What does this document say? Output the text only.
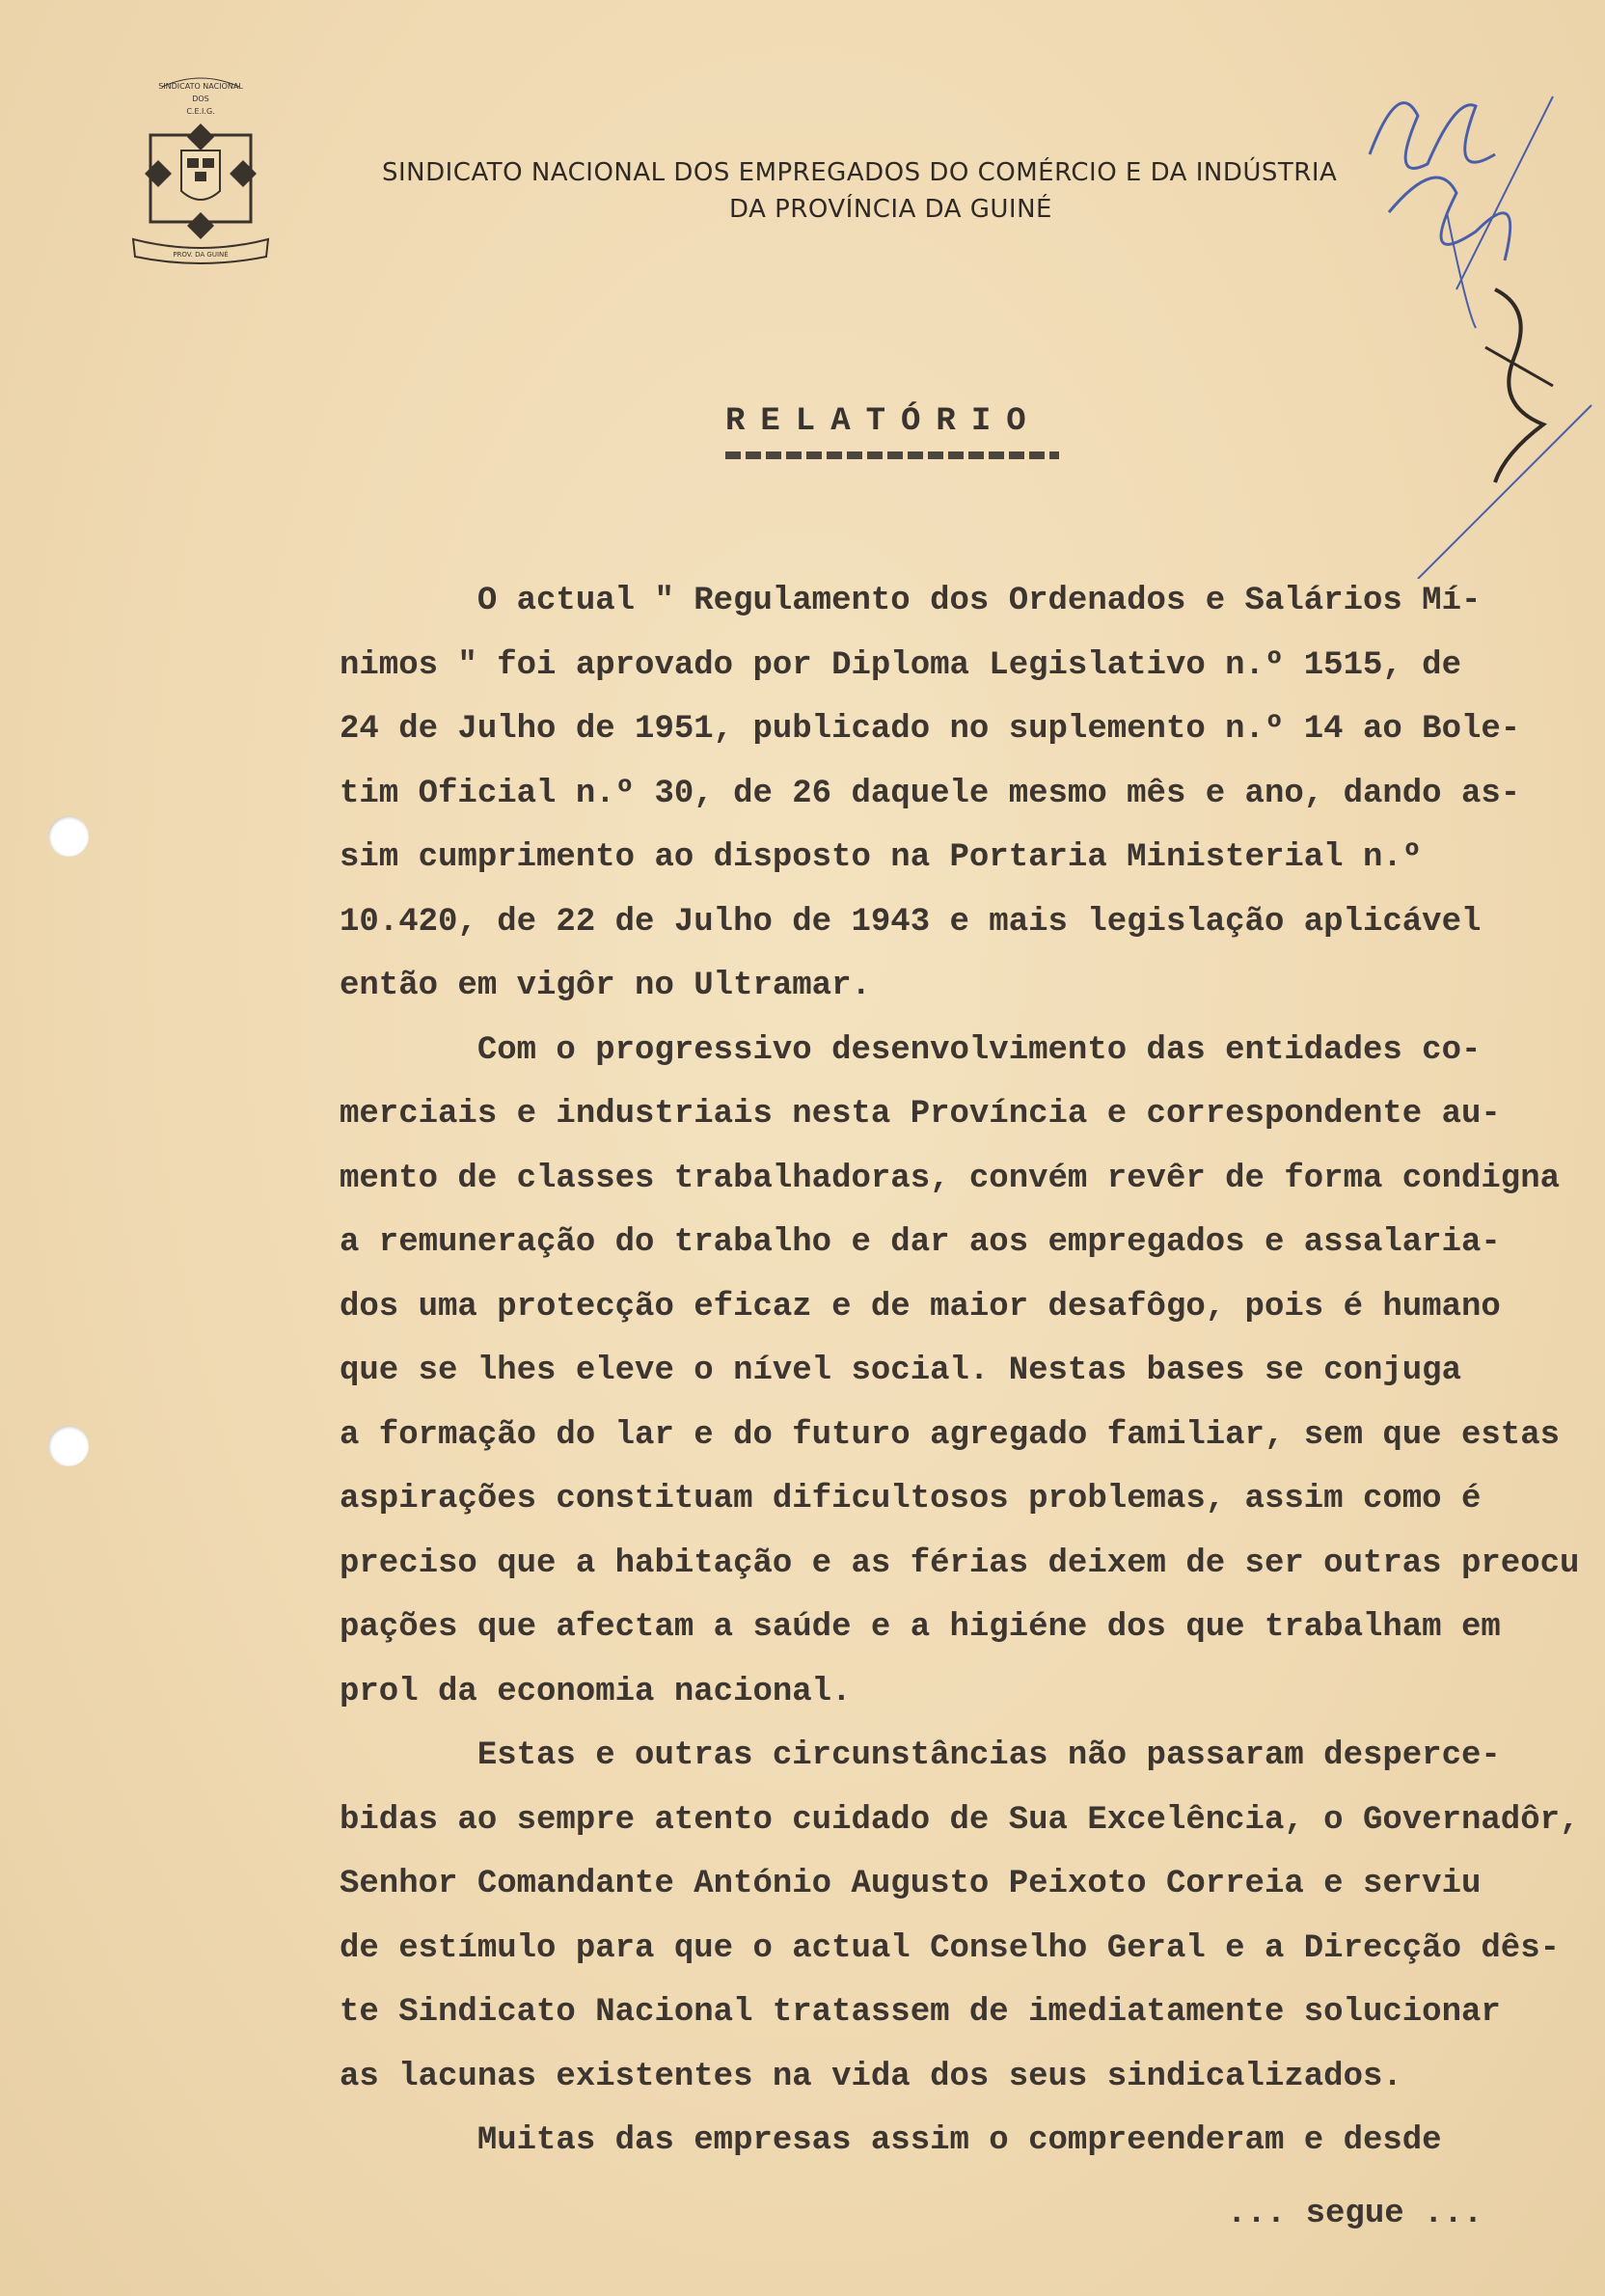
SINDICATO NACIONAL
DOS
C.E.I.G.
PROV. DA GUINÉ
SINDICATO NACIONAL DOS EMPREGADOS DO COMÉRCIO E DA INDÚSTRIA
DA PROVÍNCIA DA GUINÉ
RELATÓRIO
O actual " Regulamento dos Ordenados e Salários Mí-
nimos " foi aprovado por Diploma Legislativo n.º 1515, de
24 de Julho de 1951, publicado no suplemento n.º 14 ao Bole-
tim Oficial n.º 30, de 26 daquele mesmo mês e ano, dando as-
sim cumprimento ao disposto na Portaria Ministerial n.º
10.420, de 22 de Julho de 1943 e mais legislação aplicável
então em vigôr no Ultramar.
Com o progressivo desenvolvimento das entidades co-
merciais e industriais nesta Província e correspondente au-
mento de classes trabalhadoras, convém revêr de forma condigna
a remuneração do trabalho e dar aos empregados e assalaria-
dos uma protecção eficaz e de maior desafôgo, pois é humano
que se lhes eleve o nível social. Nestas bases se conjuga
a formação do lar e do futuro agregado familiar, sem que estas
aspirações constituam dificultosos problemas, assim como é
preciso que a habitação e as férias deixem de ser outras preocu
pações que afectam a saúde e a higiéne dos que trabalham em
prol da economia nacional.
Estas e outras circunstâncias não passaram desperce-
bidas ao sempre atento cuidado de Sua Excelência, o Governadôr,
Senhor Comandante António Augusto Peixoto Correia e serviu
de estímulo para que o actual Conselho Geral e a Direcção dês-
te Sindicato Nacional tratassem de imediatamente solucionar
as lacunas existentes na vida dos seus sindicalizados.
Muitas das empresas assim o compreenderam e desde
... segue ...
